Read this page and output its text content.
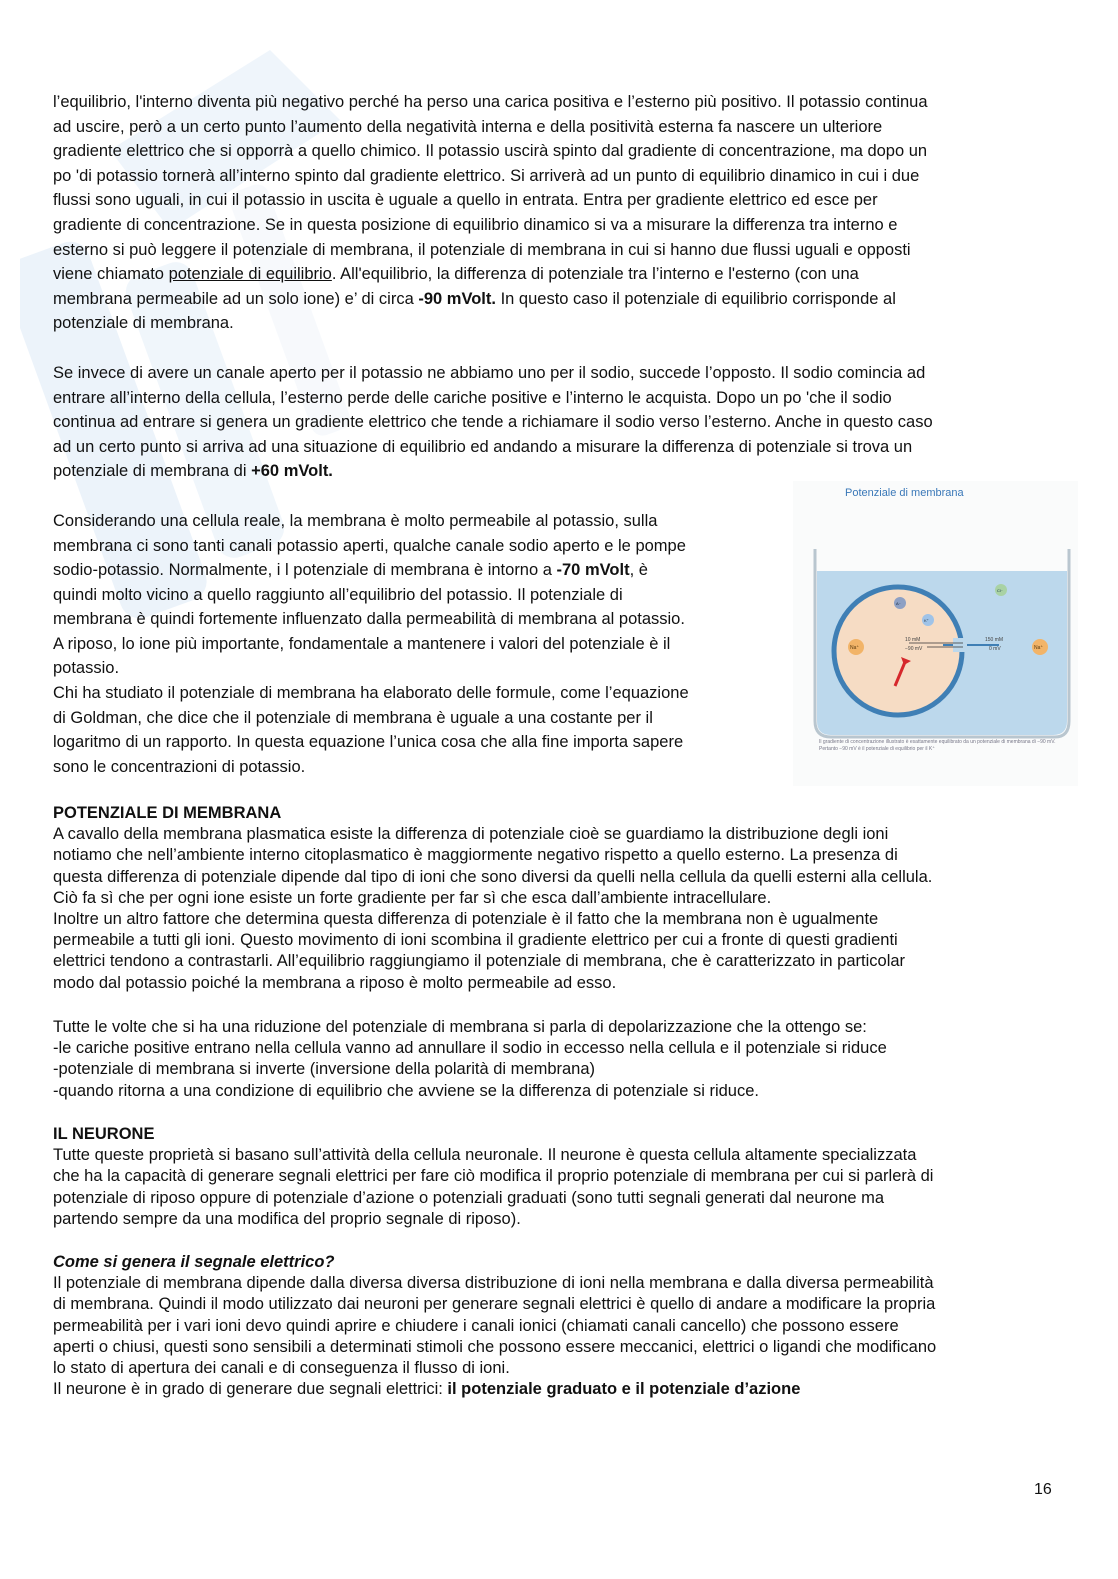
l’equilibrio, l'interno diventa più negativo perché ha perso una carica positiva e l’esterno più positivo. Il potassio continua
ad uscire, però a un certo punto l’aumento della negatività interna e della positività esterna fa nascere un ulteriore
gradiente elettrico che si opporrà a quello chimico. Il potassio uscirà spinto dal gradiente di concentrazione, ma dopo un
po 'di potassio tornerà all’interno spinto dal gradiente elettrico. Si arriverà ad un punto di equilibrio dinamico in cui i due
flussi sono uguali, in cui il potassio in uscita è uguale a quello in entrata. Entra per gradiente elettrico ed esce per
gradiente di concentrazione. Se in questa posizione di equilibrio dinamico si va a misurare la differenza tra interno e
esterno si può leggere il potenziale di membrana, il potenziale di membrana in cui si hanno due flussi uguali e opposti
viene chiamato potenziale di equilibrio. All'equilibrio, la differenza di potenziale tra l’interno e l'esterno (con una
membrana permeabile ad un solo ione) e’ di circa -90 mVolt. In questo caso il potenziale di equilibrio corrisponde al
potenziale di membrana.

Se invece di avere un canale aperto per il potassio ne abbiamo uno per il sodio, succede l’opposto. Il sodio comincia ad
entrare all’interno della cellula, l’esterno perde delle cariche positive e l’interno le acquista. Dopo un po 'che il sodio
continua ad entrare si genera un gradiente elettrico che tende a richiamare il sodio verso l’esterno. Anche in questo caso
ad un certo punto si arriva ad una situazione di equilibrio ed andando a misurare la differenza di potenziale si trova un
potenziale di membrana di +60 mVolt.

Considerando una cellula reale, la membrana è molto permeabile al potassio, sulla
membrana ci sono tanti canali potassio aperti, qualche canale sodio aperto e le pompe
sodio-potassio. Normalmente, i l potenziale di membrana è intorno a -70 mVolt, è
quindi molto vicino a quello raggiunto all’equilibrio del potassio. Il potenziale di
membrana è quindi fortemente influenzato dalla permeabilità di membrana al potassio.
A riposo, lo ione più importante, fondamentale a mantenere i valori del potenziale è il
potassio.

Chi ha studiato il potenziale di membrana ha elaborato delle formule, come l’equazione
di Goldman, che dice che il potenziale di membrana è uguale a una costante per il
logaritmo di un rapporto. In questa equazione l’unica cosa che alla fine importa sapere
sono le concentrazioni di potassio.

Potenziale di membrana
10 mM
−90 mV
150 mM
0 mV
Na⁺	Na⁺
K⁺
A⁻
Cl⁻
Il gradiente di concentrazione illustrato è esattamente equilibrato da un potenziale di membrana di −90 mV. Pertanto −90 mV è il potenziale di equilibrio per il K⁺

POTENZIALE DI MEMBRANA

A cavallo della membrana plasmatica esiste la differenza di potenziale cioè se guardiamo la distribuzione degli ioni
notiamo che nell’ambiente interno citoplasmatico è maggiormente negativo rispetto a quello esterno. La presenza di
questa differenza di potenziale dipende dal tipo di ioni che sono diversi da quelli nella cellula da quelli esterni alla cellula.
Ciò fa sì che per ogni ione esiste un forte gradiente per far sì che esca dall’ambiente intracellulare.
Inoltre un altro fattore che determina questa differenza di potenziale è il fatto che la membrana non è ugualmente
permeabile a tutti gli ioni. Questo movimento di ioni scombina il gradiente elettrico per cui a fronte di questi gradienti
elettrici tendono a contrastarli. All’equilibrio raggiungiamo il potenziale di membrana, che è caratterizzato in particolar
modo dal potassio poiché la membrana a riposo è molto permeabile ad esso.
Tutte le volte che si ha una riduzione del potenziale di membrana si parla di depolarizzazione che la ottengo se:
-le cariche positive entrano nella cellula vanno ad annullare il sodio in eccesso nella cellula e il potenziale si riduce
-potenziale di membrana si inverte (inversione della polarità di membrana)
-quando ritorna a una condizione di equilibrio che avviene se la differenza di potenziale si riduce.

IL NEURONE

Tutte queste proprietà si basano sull’attività della cellula neuronale. Il neurone è questa cellula altamente specializzata
che ha la capacità di generare segnali elettrici per fare ciò modifica il proprio potenziale di membrana per cui si parlerà di
potenziale di riposo oppure di potenziale d’azione o potenziali graduati (sono tutti segnali generati dal neurone ma
partendo sempre da una modifica del proprio segnale di riposo).

Come si genera il segnale elettrico?

Il potenziale di membrana dipende dalla diversa diversa distribuzione di ioni nella membrana e dalla diversa permeabilità
di membrana. Quindi il modo utilizzato dai neuroni per generare segnali elettrici è quello di andare a modificare la propria
permeabilità per i vari ioni devo quindi aprire e chiudere i canali ionici (chiamati canali cancello) che possono essere
aperti o chiusi, questi sono sensibili a determinati stimoli che possono essere meccanici, elettrici o ligandi che modificano
lo stato di apertura dei canali e di conseguenza il flusso di ioni.
Il neurone è in grado di generare due segnali elettrici: il potenziale graduato e il potenziale d’azione
16
